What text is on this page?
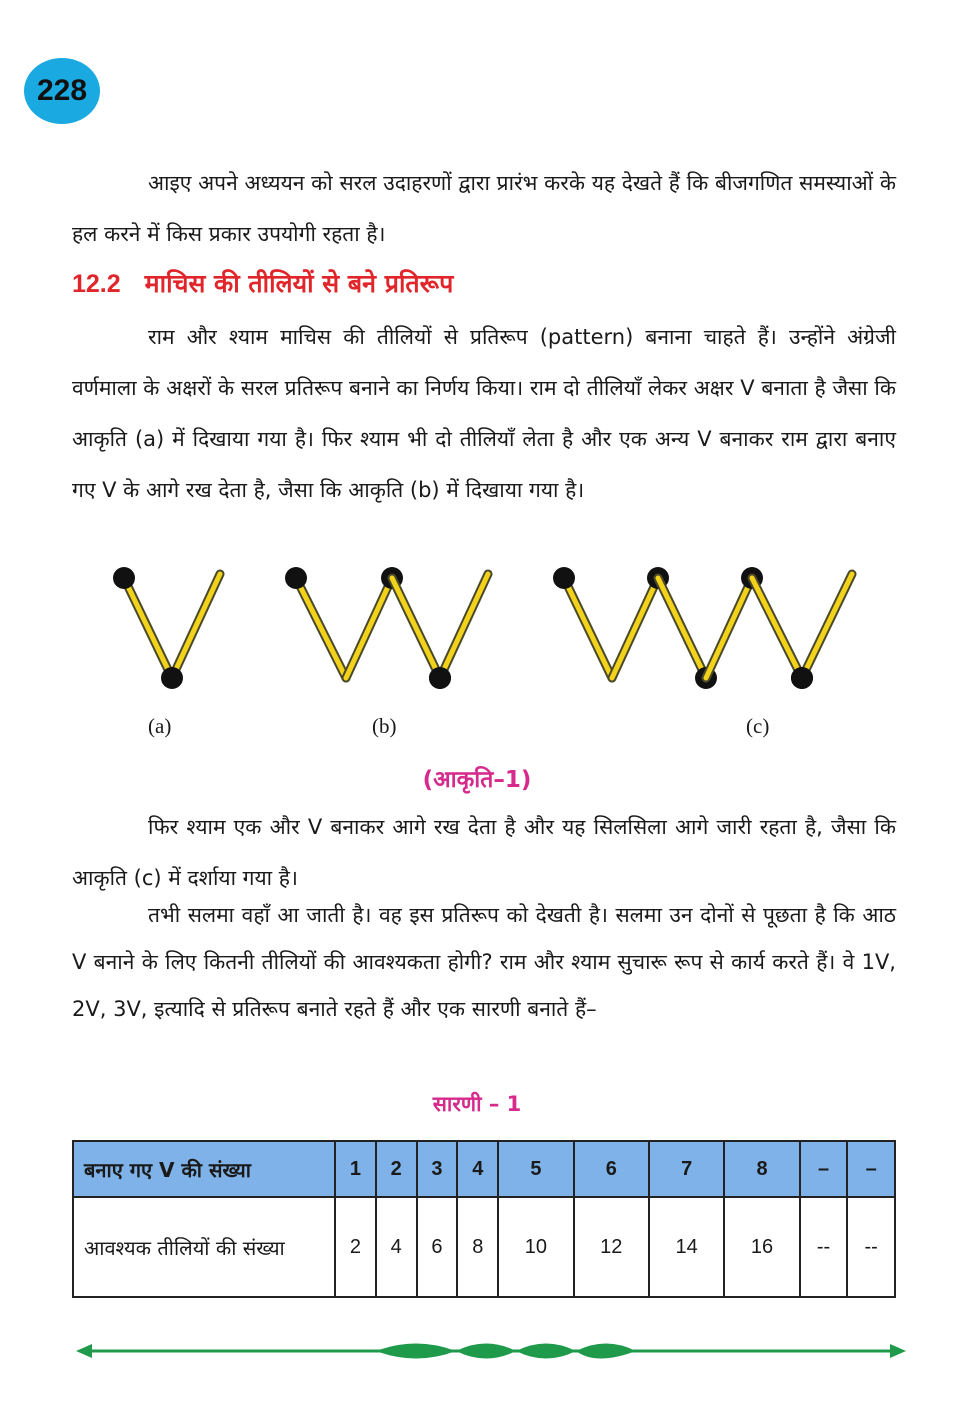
228

आइए अपने अध्ययन को सरल उदाहरणों द्वारा प्रारंभ करके यह देखते हैं कि बीजगणित समस्याओं के हल करने में किस प्रकार उपयोगी रहता है।

12.2 माचिस की तीलियों से बने प्रतिरूप

राम और श्याम माचिस की तीलियों से प्रतिरूप (pattern) बनाना चाहते हैं। उन्होंने अंग्रेजी वर्णमाला के अक्षरों के सरल प्रतिरूप बनाने का निर्णय किया। राम दो तीलियाँ लेकर अक्षर V बनाता है जैसा कि आकृति (a) में दिखाया गया है। फिर श्याम भी दो तीलियाँ लेता है और एक अन्य V बनाकर राम द्वारा बनाए गए V के आगे रख देता है, जैसा कि आकृति (b) में दिखाया गया है।

(a)	(b)	(c)
(आकृति–1)

फिर श्याम एक और V बनाकर आगे रख देता है और यह सिलसिला आगे जारी रहता है, जैसा कि आकृति (c) में दर्शाया गया है।

तभी सलमा वहाँ आ जाती है। वह इस प्रतिरूप को देखती है। सलमा उन दोनों से पूछता है कि आठ V बनाने के लिए कितनी तीलियों की आवश्यकता होगी? राम और श्याम सुचारू रूप से कार्य करते हैं। वे 1V, 2V, 3V, इत्यादि से प्रतिरूप बनाते रहते हैं और एक सारणी बनाते हैं–

सारणी – 1
बनाए गए V की संख्या	1	2	3	4	5	6	7	8	–	–
आवश्यक तीलियों की संख्या	2	4	6	8	10	12	14	16	--	--
